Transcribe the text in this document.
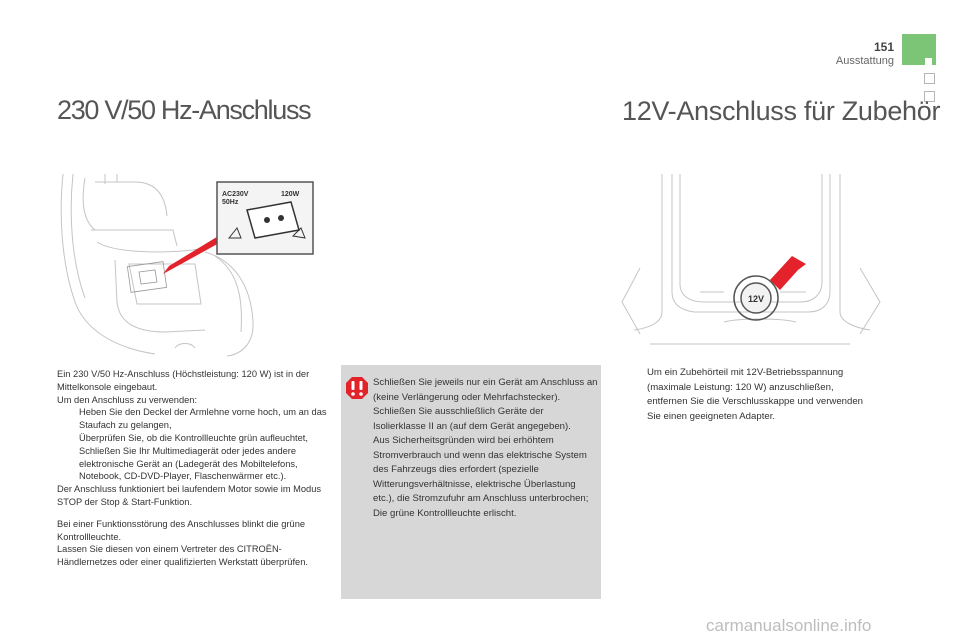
151
Ausstattung
230 V/50 Hz-Anschluss
AC230V 50Hz
120W

Ein 230 V/50 Hz-Anschluss (Höchstleistung: 120 W) ist in der Mittelkonsole eingebaut.

Um den Anschluss zu verwenden:

Heben Sie den Deckel der Armlehne vorne hoch, um an das Staufach zu gelangen,
Überprüfen Sie, ob die Kontrollleuchte grün aufleuchtet,
Schließen Sie Ihr Multimediagerät oder jedes andere elektronische Gerät an (Ladegerät des Mobiltelefons, Notebook, CD-DVD-Player, Flaschenwärmer etc.).

Der Anschluss funktioniert bei laufendem Motor sowie im Modus STOP der Stop & Start-Funktion.

Bei einer Funktionsstörung des Anschlusses blinkt die grüne Kontrollleuchte.

Lassen Sie diesen von einem Vertreter des CITROËN-Händlernetzes oder einer qualifizierten Werkstatt überprüfen.

Schließen Sie jeweils nur ein Gerät am Anschluss an (keine Verlängerung oder Mehrfachstecker).
Schließen Sie ausschließlich Geräte der Isolierklasse II an (auf dem Gerät angegeben).
Aus Sicherheitsgründen wird bei erhöhtem Stromverbrauch und wenn das elektrische System des Fahrzeugs dies erfordert (spezielle Witterungsverhältnisse, elektrische Überlastung etc.), die Stromzufuhr am Anschluss unterbrochen; Die grüne Kontrollleuchte erlischt.

12V-Anschluss für Zubehör
12V
Um ein Zubehörteil mit 12V-Betriebsspannung (maximale Leistung: 120 W) anzuschließen, entfernen Sie die Verschlusskappe und verwenden Sie einen geeigneten Adapter.
carmanualsonline.info
